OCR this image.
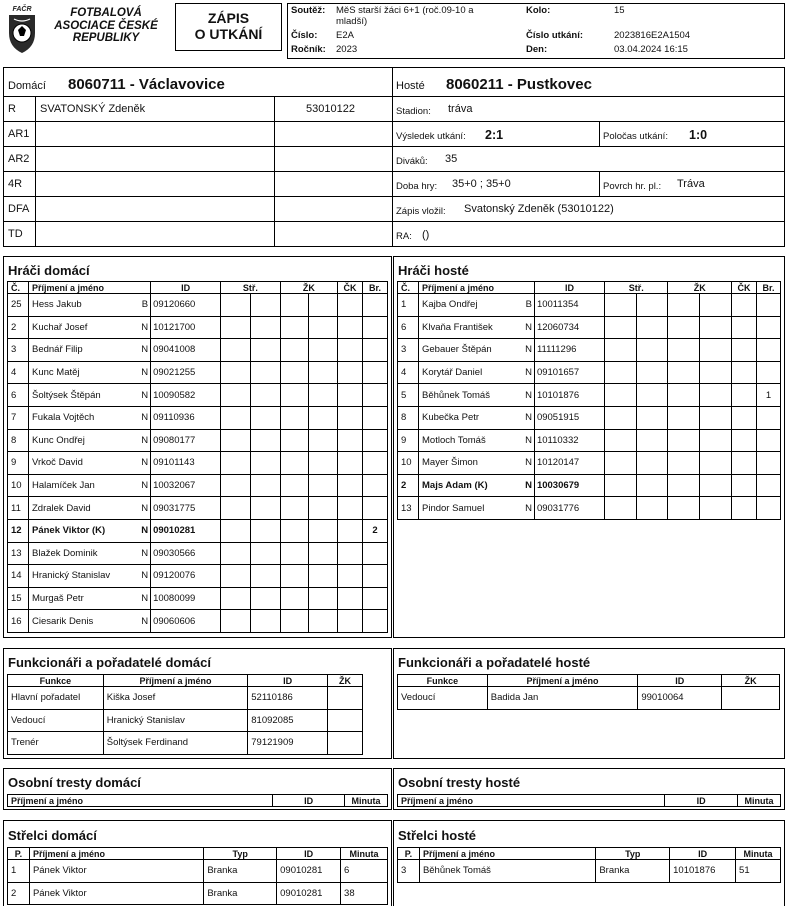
FAČR	FOTBALOVÁ
ASOCIACE ČESKÉ
REPUBLIKY
ZÁPIS
O UTKÁNÍ
Soutěž: MěS starší žáci 6+1 (roč.09-10 a mladší)
Číslo: E2A
Ročník: 2023
Kolo:	15
Číslo utkání:	2023816E2A1504
Den:	03.04.2024 16:15
Domácí 8060711 - Václavovice	Hosté 8060211 - Pustkovec
R SVATONSKÝ Zdeněk	53010122
AR1
AR2
4R
DFA
TD
Stadion: tráva
Výsledek utkání: 2:1	Poločas utkání: 1:0
Diváků: 35
Doba hry: 35+0 ; 35+0	Povrch hr. pl.: Tráva
Zápis vložil: Svatonský Zdeněk (53010122)
RA: ()
Hráči domácí
Č.	Příjmení a jméno		ID	Stř.		ŽK		ČK	Br.
25	Hess Jakub	B	09120660						
2	Kuchař Josef	N	10121700						
3	Bednář Filip	N	09041008						
4	Kunc Matěj	N	09021255						
6	Šoltýsek Štěpán	N	10090582						
7	Fukala Vojtěch	N	09110936						
8	Kunc Ondřej	N	09080177						
9	Vrkoč David	N	09101143						
10	Halamíček Jan	N	10032067						
11	Zdralek David	N	09031775						
12	Pánek Viktor (K)	N	09010281						2
13	Blažek Dominik	N	09030566						
14	Hranický Stanislav	N	09120076						
15	Murgaš Petr	N	10080099						
16	Ciesarik Denis	N	09060606						
Hráči hosté
Č.	Příjmení a jméno		ID	Stř.		ŽK		ČK	Br.
1	Kajba Ondřej	B	10011354						
6	Klvaňa František	N	12060734						
3	Gebauer Štěpán	N	11111296						
4	Korytář Daniel	N	09101657						
5	Běhůnek Tomáš	N	10101876						1
8	Kubečka Petr	N	09051915						
9	Motloch Tomáš	N	10110332						
10	Mayer Šimon	N	10120147						
2	Majs Adam (K)	N	10030679						
13	Pindor Samuel	N	09031776						
Funkcionáři a pořadatelé domácí
Funkce	Příjmení a jméno	ID	ŽK
Hlavní pořadatel	Kiška Josef	52110186	
Vedoucí	Hranický Stanislav	81092085	
Trenér	Šoltýsek Ferdinand	79121909	
Funkcionáři a pořadatelé hosté
Funkce	Příjmení a jméno	ID	ŽK
Vedoucí	Badida Jan	99010064	
Osobní tresty domácí
Příjmení a jméno	ID	Minuta
Osobní tresty hosté
Příjmení a jméno	ID	Minuta
Střelci domácí
P.	Příjmení a jméno	Typ	ID	Minuta
1	Pánek Viktor	Branka	09010281	6
2	Pánek Viktor	Branka	09010281	38
Střelci hosté
P.	Příjmení a jméno	Typ	ID	Minuta
3	Běhůnek Tomáš	Branka	10101876	51
